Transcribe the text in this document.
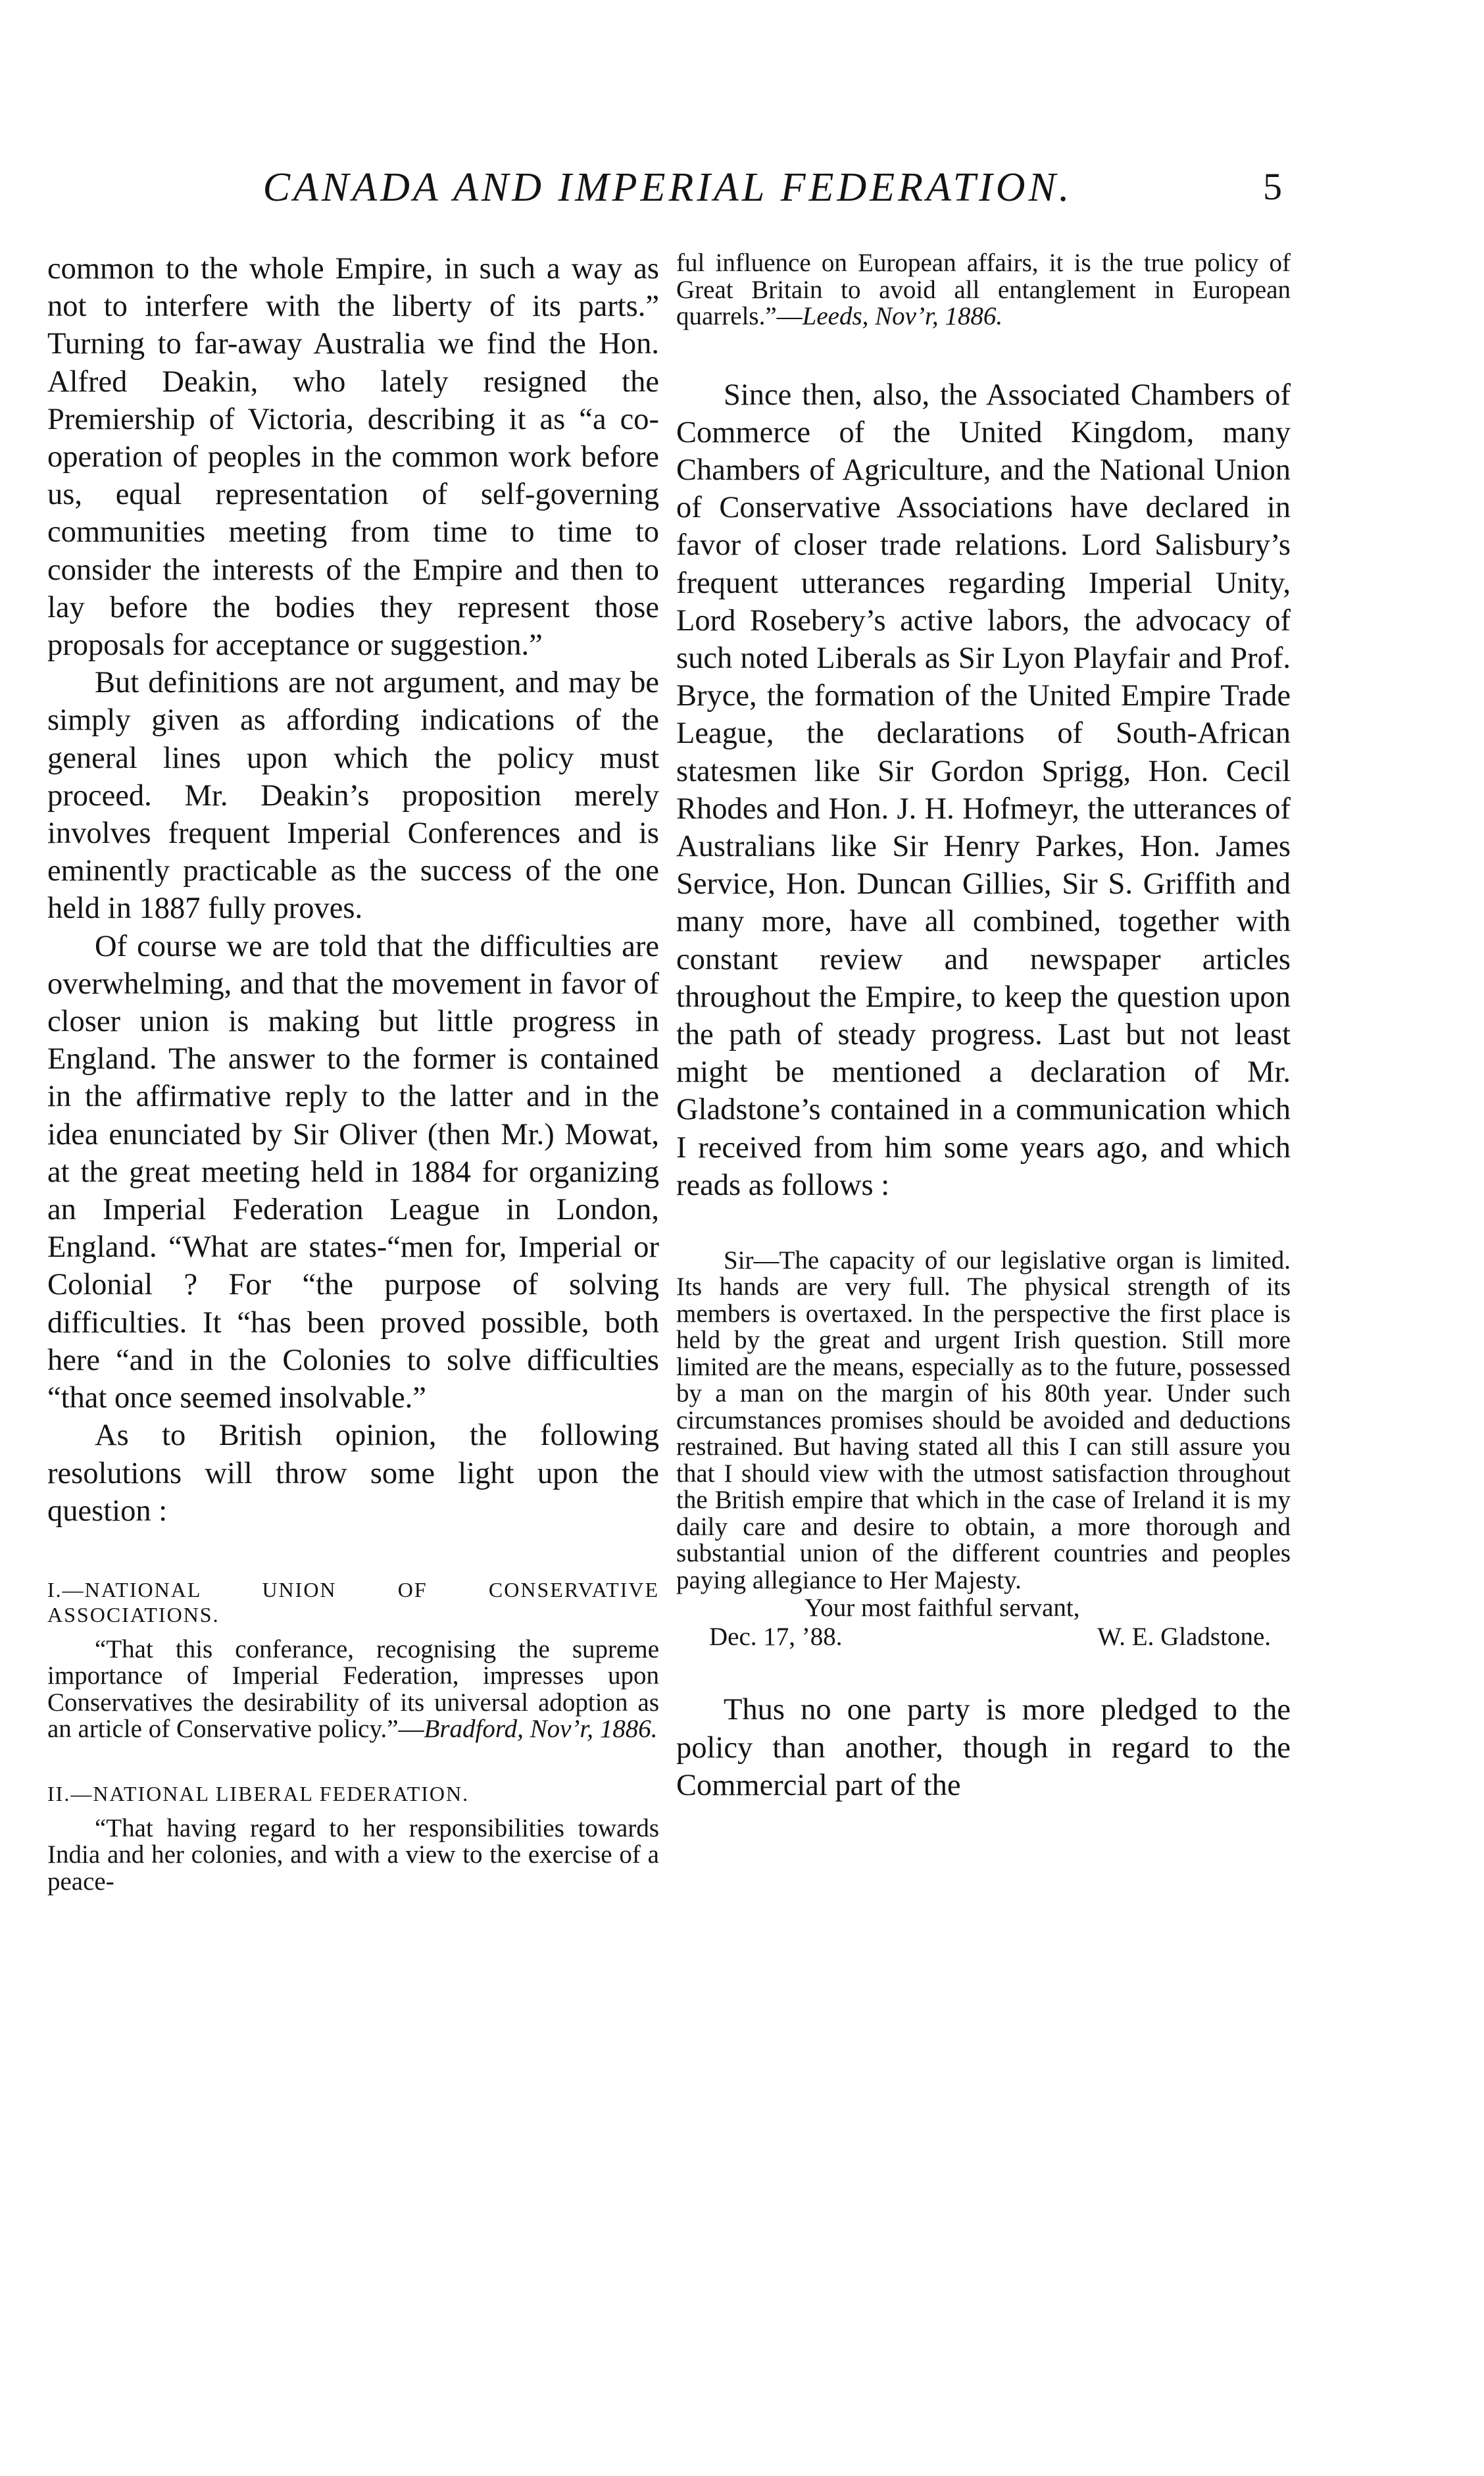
CANADA AND IMPERIAL FEDERATION.	5

common to the whole Empire, in such a way as not to interfere with the liberty of its parts.” Turning to far-away Australia we find the Hon. Alfred Deakin, who lately resigned the Premiership of Victoria, describing it as “a co-operation of peoples in the common work before us, equal representation of self-governing communities meeting from time to time to consider the interests of the Empire and then to lay before the bodies they represent those proposals for acceptance or suggestion.”

But definitions are not argument, and may be simply given as affording indications of the general lines upon which the policy must proceed. Mr. Deakin’s proposition merely involves frequent Imperial Conferences and is eminently practicable as the success of the one held in 1887 fully proves.

Of course we are told that the difficulties are overwhelming, and that the movement in favor of closer union is making but little progress in England. The answer to the former is contained in the affirmative reply to the latter and in the idea enunciated by Sir Oliver (then Mr.) Mowat, at the great meeting held in 1884 for organizing an Imperial Federation League in London, England. “What are states-“men for, Imperial or Colonial ? For “the purpose of solving difficulties. It “has been proved possible, both here “and in the Colonies to solve difficulties “that once seemed insolvable.”

As to British opinion, the following resolutions will throw some light upon the question :

I.—NATIONAL UNION OF CONSERVATIVE ASSOCIATIONS.

“That this conferance, recognising the supreme importance of Imperial Federation, impresses upon Conservatives the desirability of its universal adoption as an article of Conservative policy.”—Bradford, Nov’r, 1886.

II.—NATIONAL LIBERAL FEDERATION.

“That having regard to her responsibilities towards India and her colonies, and with a view to the exercise of a peace-

ful influence on European affairs, it is the true policy of Great Britain to avoid all entanglement in European quarrels.”—Leeds, Nov’r, 1886.

Since then, also, the Associated Chambers of Commerce of the United Kingdom, many Chambers of Agriculture, and the National Union of Conservative Associations have declared in favor of closer trade relations. Lord Salisbury’s frequent utterances regarding Imperial Unity, Lord Rosebery’s active labors, the advocacy of such noted Liberals as Sir Lyon Playfair and Prof. Bryce, the formation of the United Empire Trade League, the declarations of South-African statesmen like Sir Gordon Sprigg, Hon. Cecil Rhodes and Hon. J. H. Hofmeyr, the utterances of Australians like Sir Henry Parkes, Hon. James Service, Hon. Duncan Gillies, Sir S. Griffith and many more, have all combined, together with constant review and newspaper articles throughout the Empire, to keep the question upon the path of steady progress. Last but not least might be mentioned a declaration of Mr. Gladstone’s contained in a communication which I received from him some years ago, and which reads as follows :

Sir—The capacity of our legislative organ is limited. Its hands are very full. The physical strength of its members is overtaxed. In the perspective the first place is held by the great and urgent Irish question. Still more limited are the means, especially as to the future, possessed by a man on the margin of his 80th year. Under such circumstances promises should be avoided and deductions restrained. But having stated all this I can still assure you that I should view with the utmost satisfaction throughout the British empire that which in the case of Ireland it is my daily care and desire to obtain, a more thorough and substantial union of the different countries and peoples paying allegiance to Her Majesty.

Your most faithful servant,

Dec. 17, ’88.	W. E. Gladstone.

Thus no one party is more pledged to the policy than another, though in regard to the Commercial part of the
